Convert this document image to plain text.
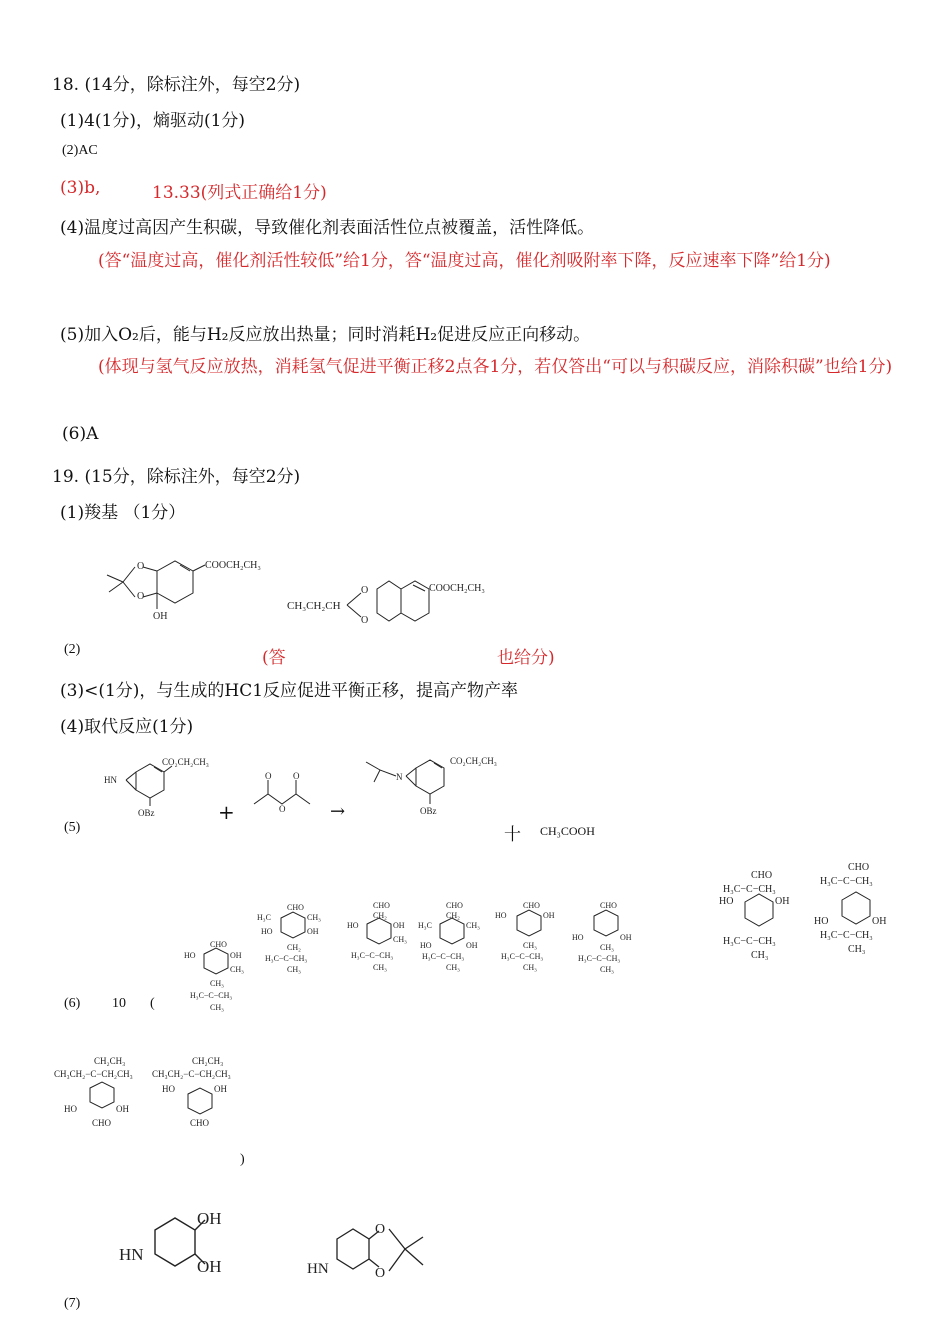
18. (14分，除标注外，每空2分)
(1)4(1分)，熵驱动(1分)
(2)AC
(3)b,	13.33(列式正确给1分)
(4)温度过高因产生积碳，导致催化剂表面活性位点被覆盖，活性降低。
(答“温度过高，催化剂活性较低”给1分，答“温度过高，催化剂吸附率下降，反应速率下降”给1分)
(5)加入O₂后，能与H₂反应放出热量；同时消耗H₂促进反应正向移动。
(体现与氢气反应放热，消耗氢气促进平衡正移2点各1分，若仅答出“可以与积碳反应，消除积碳”也给1分)
(6)A
19. (15分，除标注外，每空2分)
(1)羧基 （1分）
COOCH₂CH₃
O
O
OH
CH₃CH₂CH
O
O
COOCH₂CH₃
(2)	(答	也给分)
(3)<(1分)，与生成的HC1反应促进平衡正移，提高产物产率
(4)取代反应(1分)
CO₂CH₂CH₃
HN
OBz	+
O O
O →
N
CO₂CH₂CH₃
OBz
(5)	十 CH₃COOH
(6) 10 (
CHO
HO	OH
CH₃
CH₃
H₃C−C−CH₃
CH₃
CHO
H₃C	CH₃
HO	OH
CH₂
H₃C−C−CH₃
CH₃
CHO
CH₂
HO	OH
CH₃
H₃C−C−CH₃
CH₃
CHO
CH₂
H₃C	CH₃
HO	OH
H₃C−C−CH₃
CH₃
CHO
HO	OH
CH₃
H₃C−C−CH₃
CH₃
CHO
HO	OH
CH₃
H₃C−C−CH₃
CH₃
CHO
H₃C−C−CH₃
HO	OH
H₃C−C−CH₃
CH₃
CHO
H₃C−C−CH₃
HO	OH
H₃C−C−CH₃
CH₃
CH₂CH₃
CH₃CH₂−C−CH₂CH₃
HO	OH
CHO
CH₂CH₃
CH₃CH₂−C−CH₂CH₃
HO	OH
CHO
)
OH
OH
HN
HN
O
O
(7)
